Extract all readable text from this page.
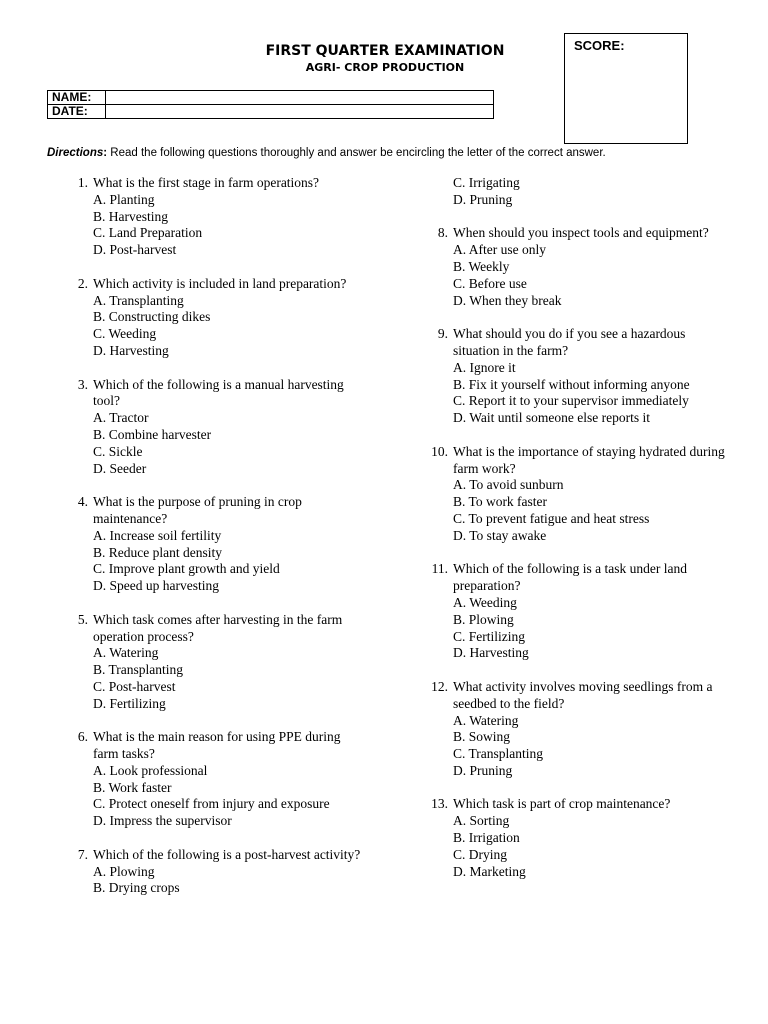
FIRST QUARTER EXAMINATION
AGRI- CROP PRODUCTION
SCORE:
NAME:	
DATE:	
Directions: Read the following questions thoroughly and answer be encircling the letter of the correct answer.
1. What is the first stage in farm operations?
A. Planting
B. Harvesting
C. Land Preparation
D. Post-harvest
2. Which activity is included in land preparation?
A. Transplanting
B. Constructing dikes
C. Weeding
D. Harvesting
3. Which of the following is a manual harvesting tool?
A. Tractor
B. Combine harvester
C. Sickle
D. Seeder
4. What is the purpose of pruning in crop maintenance?
A. Increase soil fertility
B. Reduce plant density
C. Improve plant growth and yield
D. Speed up harvesting
5. Which task comes after harvesting in the farm operation process?
A. Watering
B. Transplanting
C. Post-harvest
D. Fertilizing
6. What is the main reason for using PPE during farm tasks?
A. Look professional
B. Work faster
C. Protect oneself from injury and exposure
D. Impress the supervisor
7. Which of the following is a post-harvest activity?
A. Plowing
B. Drying crops
C. Irrigating
D. Pruning
8. When should you inspect tools and equipment?
A. After use only
B. Weekly
C. Before use
D. When they break
9. What should you do if you see a hazardous situation in the farm?
A. Ignore it
B. Fix it yourself without informing anyone
C. Report it to your supervisor immediately
D. Wait until someone else reports it
10. What is the importance of staying hydrated during farm work?
A. To avoid sunburn
B. To work faster
C. To prevent fatigue and heat stress
D. To stay awake
11. Which of the following is a task under land preparation?
A. Weeding
B. Plowing
C. Fertilizing
D. Harvesting
12. What activity involves moving seedlings from a seedbed to the field?
A. Watering
B. Sowing
C. Transplanting
D. Pruning
13. Which task is part of crop maintenance?
A. Sorting
B. Irrigation
C. Drying
D. Marketing
